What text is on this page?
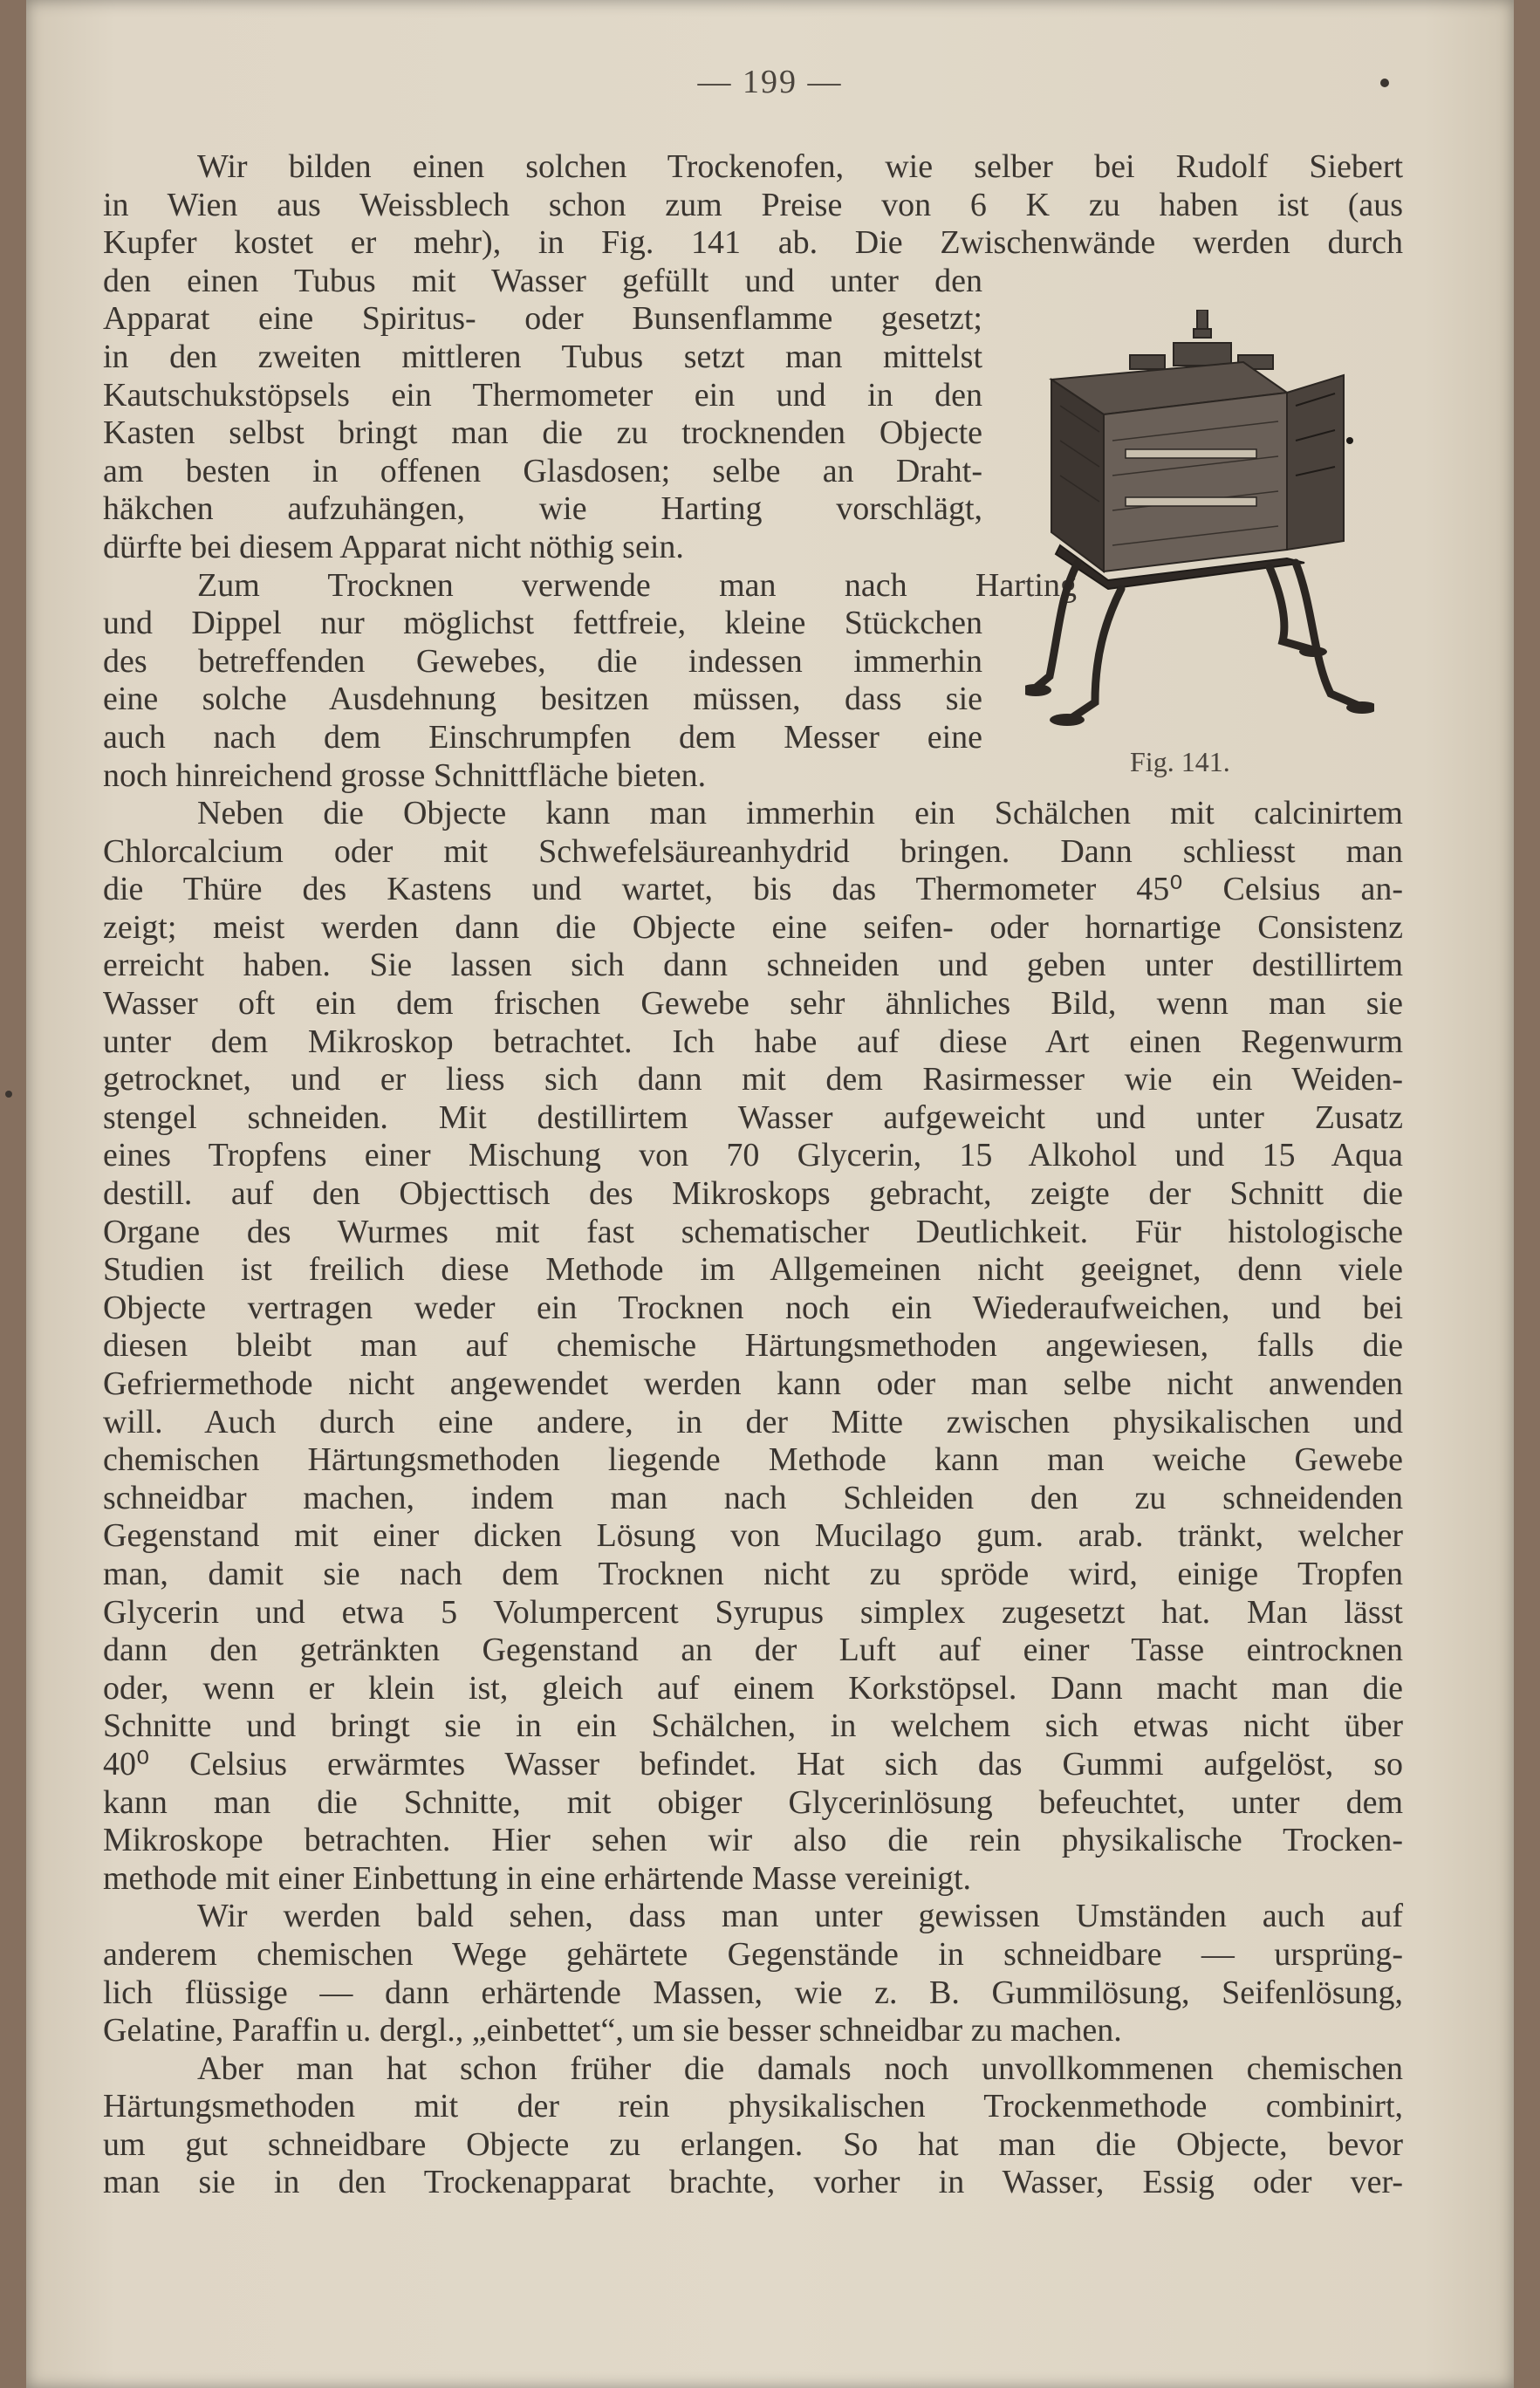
— 199 —
Wir bilden einen solchen Trockenofen, wie selber bei Rudolf Siebert
in Wien aus Weissblech schon zum Preise von 6 K zu haben ist (aus
Kupfer kostet er mehr), in Fig. 141 ab. Die Zwischenwände werden durch
den einen Tubus mit Wasser gefüllt und unter den
Apparat eine Spiritus- oder Bunsenflamme gesetzt;
in den zweiten mittleren Tubus setzt man mittelst
Kautschukstöpsels ein Thermometer ein und in den
Kasten selbst bringt man die zu trocknenden Objecte
am besten in offenen Glasdosen; selbe an Draht-
häkchen aufzuhängen, wie Harting vorschlägt,
dürfte bei diesem Apparat nicht nöthig sein.
Zum Trocknen verwende man nach Harting
und Dippel nur möglichst fettfreie, kleine Stückchen
des betreffenden Gewebes, die indessen immerhin
eine solche Ausdehnung besitzen müssen, dass sie
auch nach dem Einschrumpfen dem Messer eine
noch hinreichend grosse Schnittfläche bieten.
Neben die Objecte kann man immerhin ein Schälchen mit calcinirtem
Chlorcalcium oder mit Schwefelsäureanhydrid bringen. Dann schliesst man
die Thüre des Kastens und wartet, bis das Thermometer 45⁰ Celsius an-
zeigt; meist werden dann die Objecte eine seifen- oder hornartige Consistenz
erreicht haben. Sie lassen sich dann schneiden und geben unter destillirtem
Wasser oft ein dem frischen Gewebe sehr ähnliches Bild, wenn man sie
unter dem Mikroskop betrachtet. Ich habe auf diese Art einen Regenwurm
getrocknet, und er liess sich dann mit dem Rasirmesser wie ein Weiden-
stengel schneiden. Mit destillirtem Wasser aufgeweicht und unter Zusatz
eines Tropfens einer Mischung von 70 Glycerin, 15 Alkohol und 15 Aqua
destill. auf den Objecttisch des Mikroskops gebracht, zeigte der Schnitt die
Organe des Wurmes mit fast schematischer Deutlichkeit. Für histologische
Studien ist freilich diese Methode im Allgemeinen nicht geeignet, denn viele
Objecte vertragen weder ein Trocknen noch ein Wiederaufweichen, und bei
diesen bleibt man auf chemische Härtungsmethoden angewiesen, falls die
Gefriermethode nicht angewendet werden kann oder man selbe nicht anwenden
will. Auch durch eine andere, in der Mitte zwischen physikalischen und
chemischen Härtungsmethoden liegende Methode kann man weiche Gewebe
schneidbar machen, indem man nach Schleiden den zu schneidenden
Gegenstand mit einer dicken Lösung von Mucilago gum. arab. tränkt, welcher
man, damit sie nach dem Trocknen nicht zu spröde wird, einige Tropfen
Glycerin und etwa 5 Volumpercent Syrupus simplex zugesetzt hat. Man lässt
dann den getränkten Gegenstand an der Luft auf einer Tasse eintrocknen
oder, wenn er klein ist, gleich auf einem Korkstöpsel. Dann macht man die
Schnitte und bringt sie in ein Schälchen, in welchem sich etwas nicht über
40⁰ Celsius erwärmtes Wasser befindet. Hat sich das Gummi aufgelöst, so
kann man die Schnitte, mit obiger Glycerinlösung befeuchtet, unter dem
Mikroskope betrachten. Hier sehen wir also die rein physikalische Trocken-
methode mit einer Einbettung in eine erhärtende Masse vereinigt.
Wir werden bald sehen, dass man unter gewissen Umständen auch auf
anderem chemischen Wege gehärtete Gegenstände in schneidbare — ursprüng-
lich flüssige — dann erhärtende Massen, wie z. B. Gummilösung, Seifenlösung,
Gelatine, Paraffin u. dergl., „einbettet“, um sie besser schneidbar zu machen.
Aber man hat schon früher die damals noch unvollkommenen chemischen
Härtungsmethoden mit der rein physikalischen Trockenmethode combinirt,
um gut schneidbare Objecte zu erlangen. So hat man die Objecte, bevor
man sie in den Trockenapparat brachte, vorher in Wasser, Essig oder ver-
Fig. 141.
